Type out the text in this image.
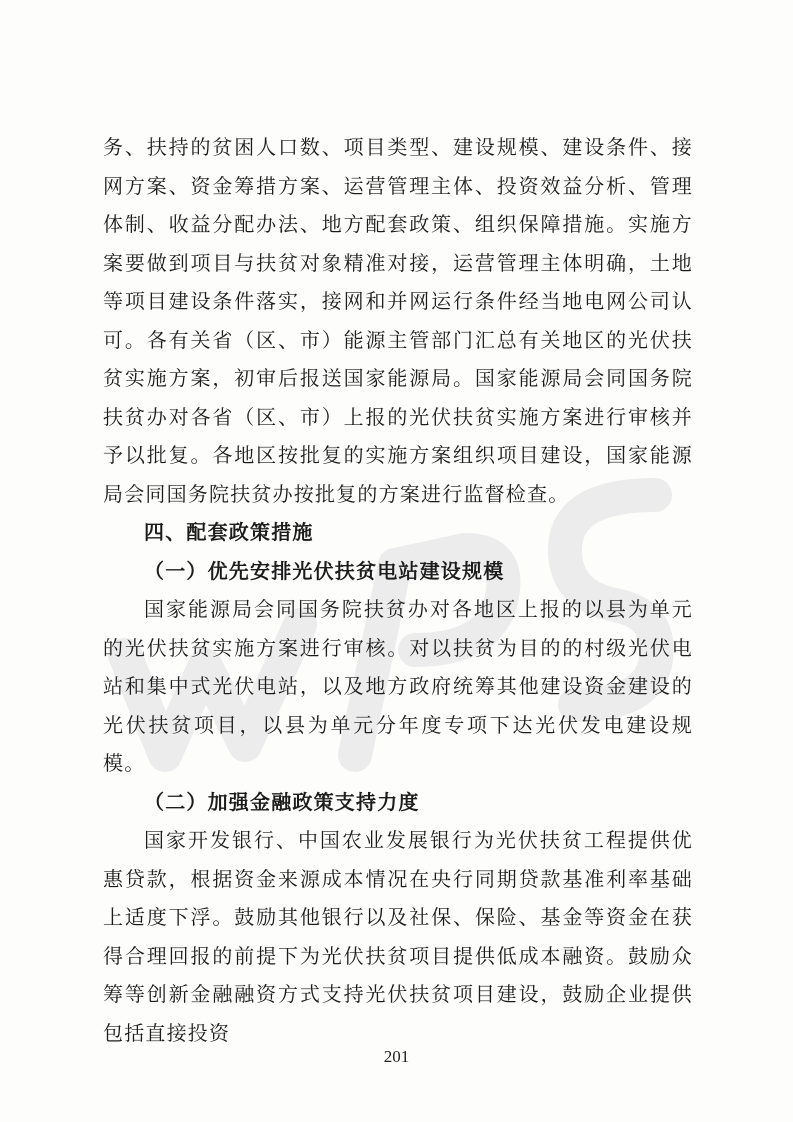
务、扶持的贫困人口数、项目类型、建设规模、建设条件、接网方案、资金筹措方案、运营管理主体、投资效益分析、管理体制、收益分配办法、地方配套政策、组织保障措施。实施方案要做到项目与扶贫对象精准对接，运营管理主体明确，土地等项目建设条件落实，接网和并网运行条件经当地电网公司认可。各有关省（区、市）能源主管部门汇总有关地区的光伏扶贫实施方案，初审后报送国家能源局。国家能源局会同国务院扶贫办对各省（区、市）上报的光伏扶贫实施方案进行审核并予以批复。各地区按批复的实施方案组织项目建设，国家能源局会同国务院扶贫办按批复的方案进行监督检查。

四、配套政策措施

（一）优先安排光伏扶贫电站建设规模

国家能源局会同国务院扶贫办对各地区上报的以县为单元的光伏扶贫实施方案进行审核。对以扶贫为目的的村级光伏电站和集中式光伏电站，以及地方政府统筹其他建设资金建设的光伏扶贫项目，以县为单元分年度专项下达光伏发电建设规模。

（二）加强金融政策支持力度

国家开发银行、中国农业发展银行为光伏扶贫工程提供优惠贷款，根据资金来源成本情况在央行同期贷款基准利率基础上适度下浮。鼓励其他银行以及社保、保险、基金等资金在获得合理回报的前提下为光伏扶贫项目提供低成本融资。鼓励众筹等创新金融融资方式支持光伏扶贫项目建设，鼓励企业提供包括直接投资

201
